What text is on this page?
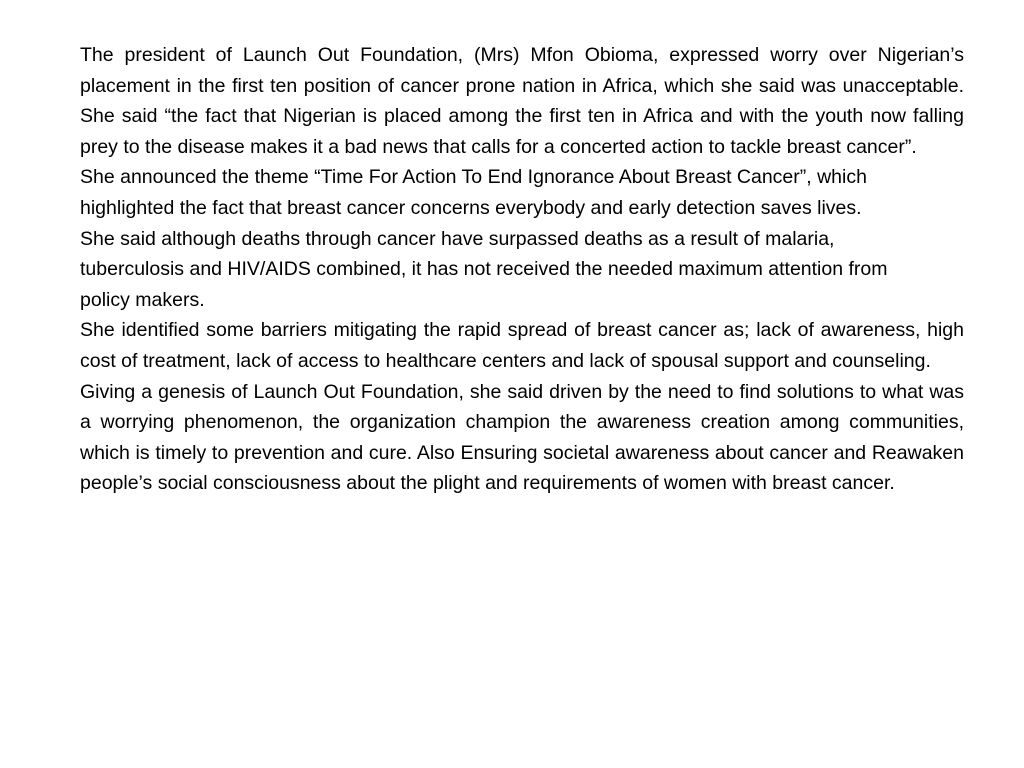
The president of Launch Out Foundation, (Mrs) Mfon Obioma, expressed worry over Nigerian’s placement in the first ten position of cancer prone nation in Africa, which she said was unacceptable. She said “the fact that Nigerian is placed among the first ten in Africa and with the youth now falling prey to the disease makes it a bad news that calls for a concerted action to tackle breast cancer”.

She announced the theme “Time For Action To End Ignorance About Breast Cancer”, which highlighted the fact that breast cancer concerns everybody and early detection saves lives.

She said although deaths through cancer have surpassed deaths as a result of malaria, tuberculosis and HIV/AIDS combined, it has not received the needed maximum attention from policy makers.

She identified some barriers mitigating the rapid spread of breast cancer as; lack of awareness, high cost of treatment, lack of access to healthcare centers and lack of spousal support and counseling.

Giving a genesis of Launch Out Foundation, she said driven by the need to find solutions to what was a worrying phenomenon, the organization champion the awareness creation among communities, which is timely to prevention and cure. Also Ensuring societal awareness about cancer and Reawaken people’s social consciousness about the plight and requirements of women with breast cancer.
